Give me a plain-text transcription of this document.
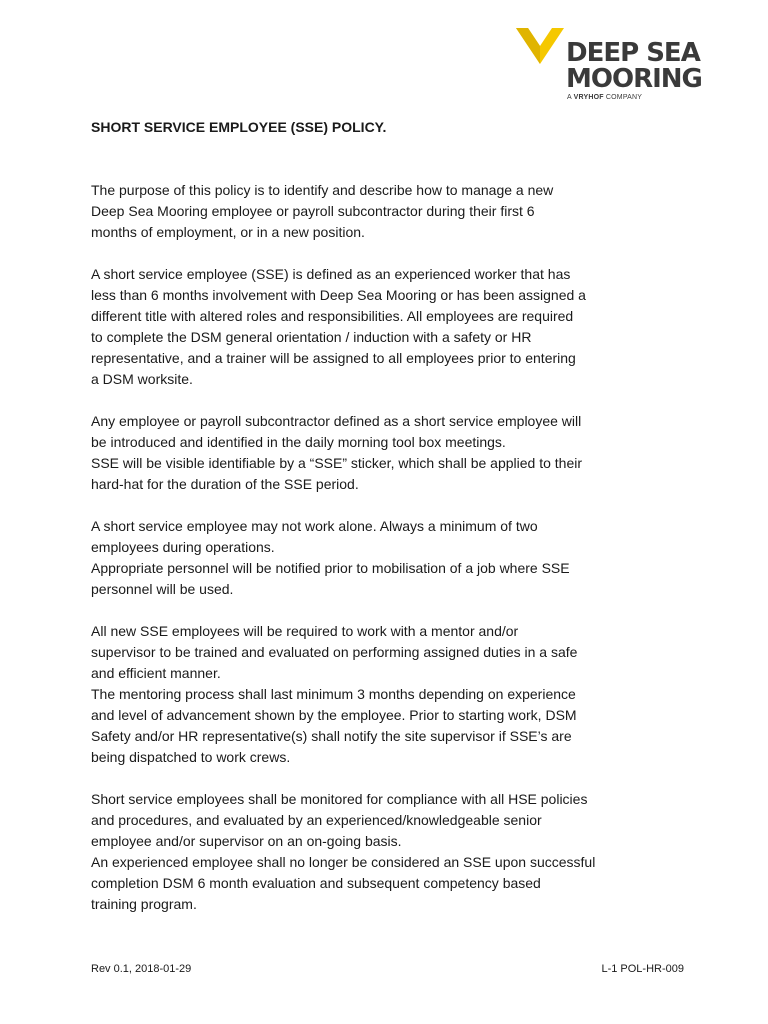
DEEP SEA
MOORING
A VRYHOF COMPANY
SHORT SERVICE EMPLOYEE (SSE) POLICY.
The purpose of this policy is to identify and describe how to manage a new
Deep Sea Mooring employee or payroll subcontractor during their first 6
months of employment, or in a new position.
A short service employee (SSE) is defined as an experienced worker that has
less than 6 months involvement with Deep Sea Mooring or has been assigned a
different title with altered roles and responsibilities. All employees are required
to complete the DSM general orientation / induction with a safety or HR
representative, and a trainer will be assigned to all employees prior to entering
a DSM worksite.
Any employee or payroll subcontractor defined as a short service employee will
be introduced and identified in the daily morning tool box meetings.
SSE will be visible identifiable by a “SSE” sticker, which shall be applied to their
hard-hat for the duration of the SSE period.
A short service employee may not work alone. Always a minimum of two
employees during operations.
Appropriate personnel will be notified prior to mobilisation of a job where SSE
personnel will be used.
All new SSE employees will be required to work with a mentor and/or
supervisor to be trained and evaluated on performing assigned duties in a safe
and efficient manner.
The mentoring process shall last minimum 3 months depending on experience
and level of advancement shown by the employee. Prior to starting work, DSM
Safety and/or HR representative(s) shall notify the site supervisor if SSE’s are
being dispatched to work crews.
Short service employees shall be monitored for compliance with all HSE policies
and procedures, and evaluated by an experienced/knowledgeable senior
employee and/or supervisor on an on-going basis.
An experienced employee shall no longer be considered an SSE upon successful
completion DSM 6 month evaluation and subsequent competency based
training program.
Rev 0.1, 2018-01-29	L-1 POL-HR-009
